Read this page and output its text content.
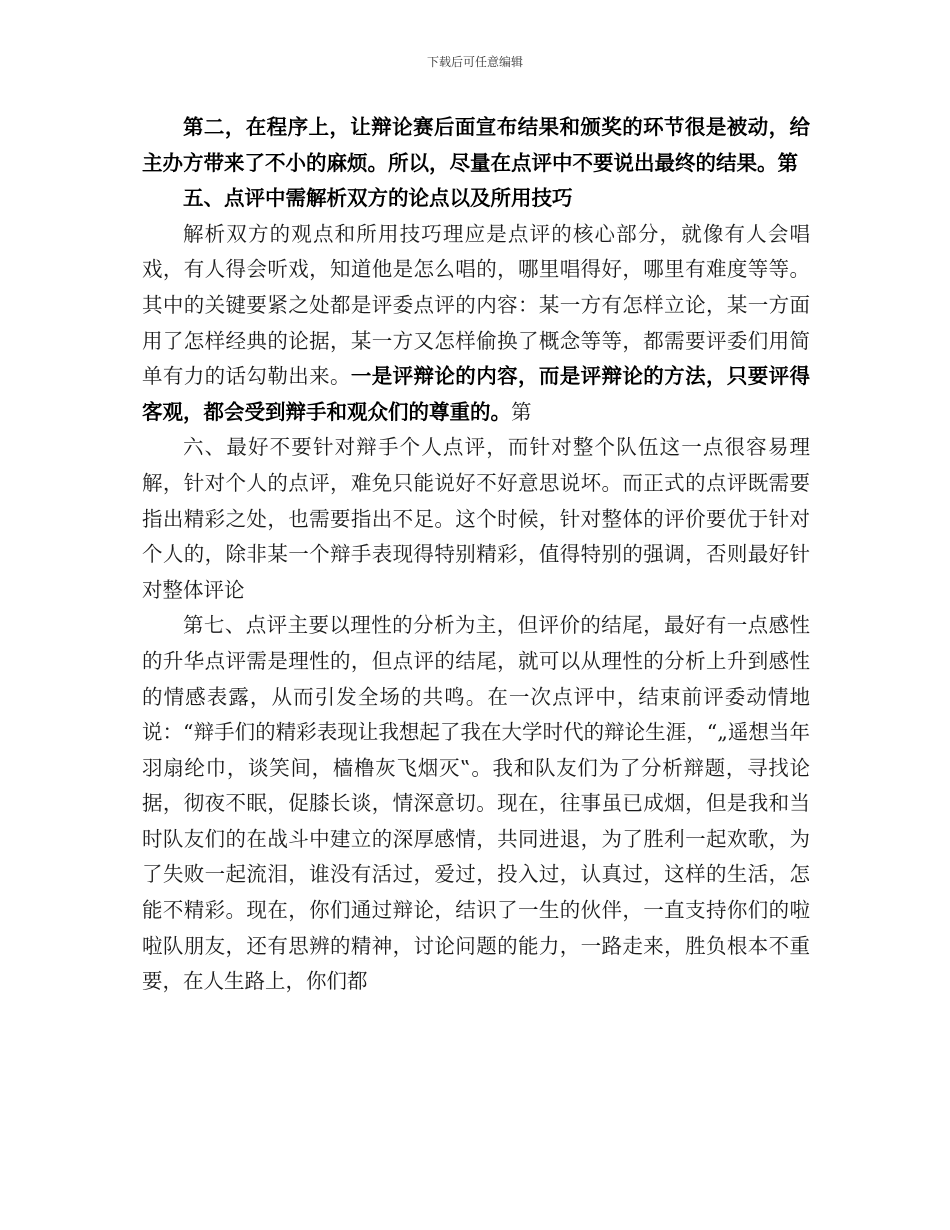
下载后可任意编辑

第二，在程序上，让辩论赛后面宣布结果和颁奖的环节很是被动，给主办方带来了不小的麻烦。所以，尽量在点评中不要说出最终的结果。第

五、点评中需解析双方的论点以及所用技巧

解析双方的观点和所用技巧理应是点评的核心部分，就像有人会唱戏，有人得会听戏，知道他是怎么唱的，哪里唱得好，哪里有难度等等。其中的关键要紧之处都是评委点评的内容：某一方有怎样立论，某一方面用了怎样经典的论据，某一方又怎样偷换了概念等等，都需要评委们用简单有力的话勾勒出来。一是评辩论的内容，而是评辩论的方法，只要评得客观，都会受到辩手和观众们的尊重的。第

六、最好不要针对辩手个人点评，而针对整个队伍这一点很容易理解，针对个人的点评，难免只能说好不好意思说坏。而正式的点评既需要指出精彩之处，也需要指出不足。这个时候，针对整体的评价要优于针对个人的，除非某一个辩手表现得特别精彩，值得特别的强调，否则最好针对整体评论

第七、点评主要以理性的分析为主，但评价的结尾，最好有一点感性的升华点评需是理性的，但点评的结尾，就可以从理性的分析上升到感性的情感表露，从而引发全场的共鸣。在一次点评中，结束前评委动情地说：“辩手们的精彩表现让我想起了我在大学时代的辩论生涯，“„遥想当年羽扇纶巾，谈笑间，樯橹灰飞烟灭‟。我和队友们为了分析辩题，寻找论据，彻夜不眠，促膝长谈，情深意切。现在，往事虽已成烟，但是我和当时队友们的在战斗中建立的深厚感情，共同进退，为了胜利一起欢歌，为了失败一起流泪，谁没有活过，爱过，投入过，认真过，这样的生活，怎能不精彩。现在，你们通过辩论，结识了一生的伙伴，一直支持你们的啦啦队朋友，还有思辨的精神，讨论问题的能力，一路走来，胜负根本不重要，在人生路上，你们都
